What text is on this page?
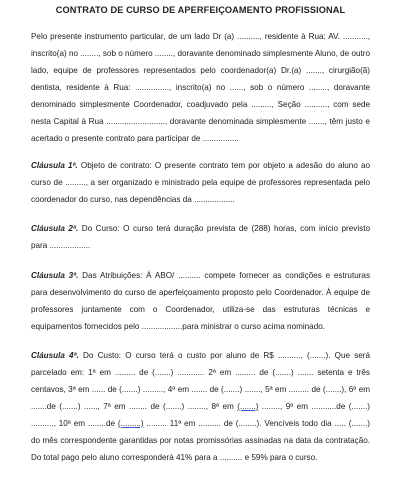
CONTRATO DE CURSO DE APERFEIÇOAMENTO PROFISSIONAL

Pelo presente instrumento particular, de um lado Dr (a) .........., residente à Rua: AV. ..........., inscrito(a) no ........, sob o número ........, doravante denominado simplesmente Aluno, de outro lado, equipe de professores representados pelo coordenador(a) Dr.(a) ......., cirurgião(ã) dentista, residente à Rua: ..............., inscrito(a) no ......, sob o número ........, doravante denominado simplesmente Coordenador, coadjuvado pela ........., Seção .........., com sede nesta Capital à Rua .........................., doravante denominada simplesmente ......., têm justo e acertado o presente contrato para participar de ................

Cláusula 1ª. Objeto de contrato: O presente contrato tem por objeto a adesão do aluno ao curso de ........., a ser organizado e ministrado pela equipe de professores representada pelo coordenador do curso, nas dependências da ..................

Cláusula 2ª. Do Curso: O curso terá duração prevista de (288) horas, com início previsto para ..................

Cláusula 3ª. Das Atribuições: À ABO/ .......... compete fornecer as condições e estruturas para desenvolvimento do curso de aperfeiçoamento proposto pelo Coordenador. À equipe de professores juntamente com o Coordenador, utiliza-se das estruturas técnicas e equipamentos fornecidos pelo ..................para ministrar o curso acima nominado.

Cláusula 4ª. Do Custo: O curso terá o custo por aluno de R$ .........., (.......). Que será parcelado em: 1ª em ......... de (.......) ............ 2ª em ......... de (.......) ....... setenta e três centavos, 3ª em ...... de (.......) ........., 4ª em ....... de (.......) ......., 5ª em ......... de (.......), 6ª em .......de (.......) ......, 7ª em ........ de (.......) ........, 8ª em (.......) ........, 9ª em ...........de (.......) .........., 10ª em ........de (.........) ......... 11ª em .......... de (........). Vencíveis todo dia ..... (.......) do mês correspondente garantidas por notas promissórias assinadas na data da contratação. Do total pago pelo aluno corresponderá 41% para a .......... e 59% para o curso.
